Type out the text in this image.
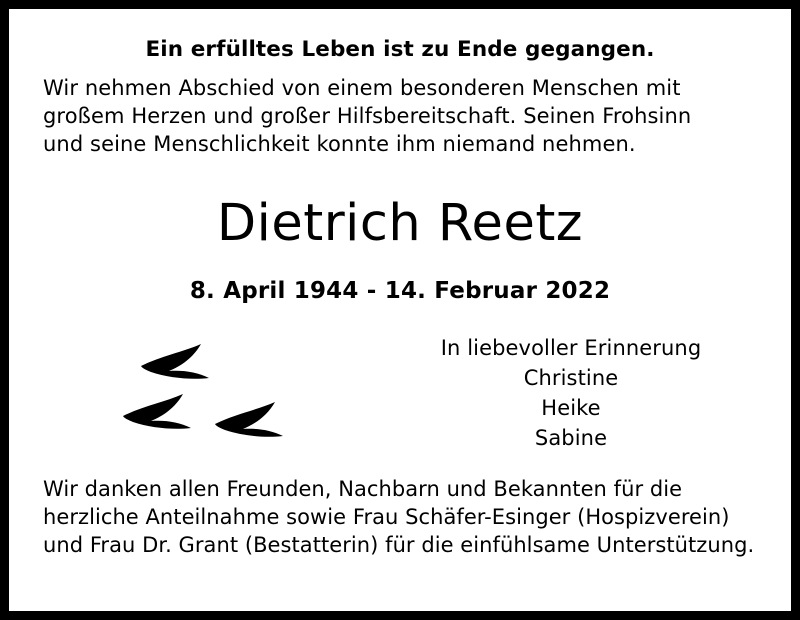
Ein erfülltes Leben ist zu Ende gegangen.
Wir nehmen Abschied von einem besonderen Menschen mit
großem Herzen und großer Hilfsbereitschaft. Seinen Frohsinn
und seine Menschlichkeit konnte ihm niemand nehmen.
Dietrich Reetz
8. April 1944 - 14. Februar 2022
In liebevoller Erinnerung
Christine
Heike
Sabine
Wir danken allen Freunden, Nachbarn und Bekannten für die
herzliche Anteilnahme sowie Frau Schäfer-Esinger (Hospizverein)
und Frau Dr. Grant (Bestatterin) für die einfühlsame Unterstützung.
